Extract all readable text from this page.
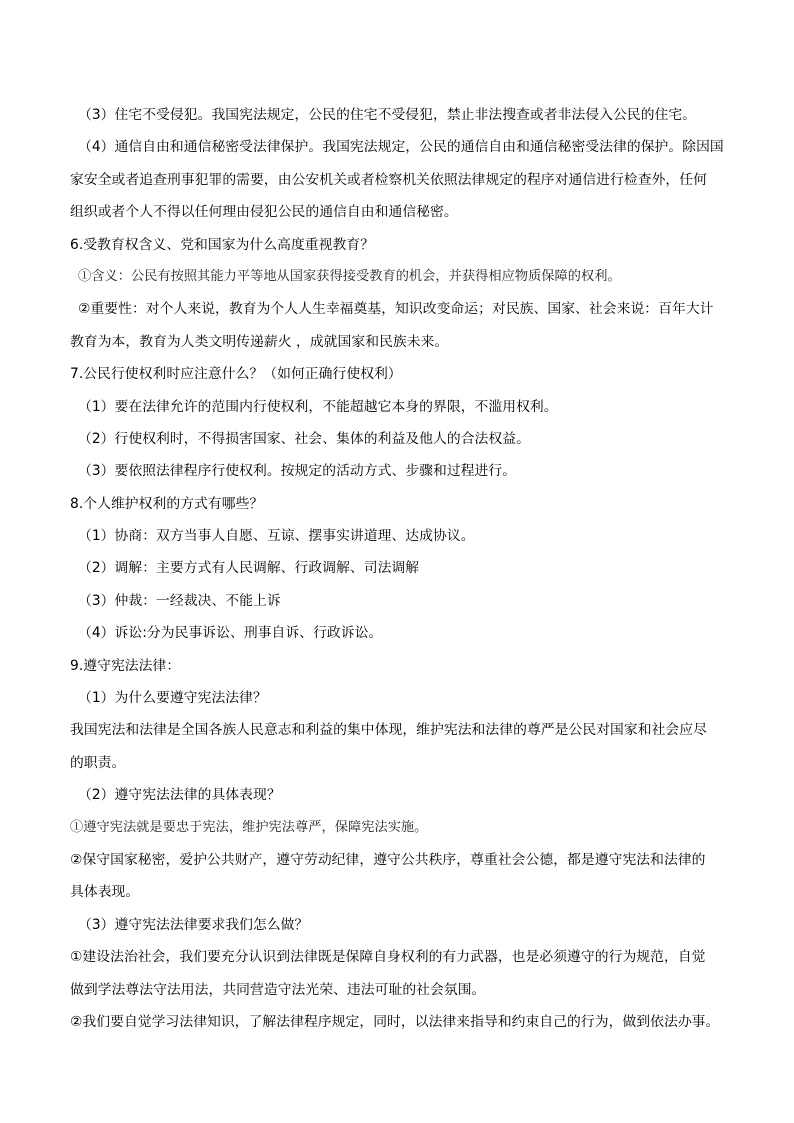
（3）住宅不受侵犯。我国宪法规定，公民的住宅不受侵犯，禁止非法搜查或者非法侵入公民的住宅。
（4）通信自由和通信秘密受法律保护。我国宪法规定，公民的通信自由和通信秘密受法律的保护。除因国
家安全或者追查刑事犯罪的需要，由公安机关或者检察机关依照法律规定的程序对通信进行检查外，任何
组织或者个人不得以任何理由侵犯公民的通信自由和通信秘密。
6.受教育权含义、党和国家为什么高度重视教育？
①含义：公民有按照其能力平等地从国家获得接受教育的机会，并获得相应物质保障的权利。
②重要性：对个人来说，教育为个人人生幸福奠基，知识改变命运；对民族、国家、社会来说：百年大计
教育为本，教育为人类文明传递薪火 ，成就国家和民族未来。
7.公民行使权利时应注意什么？（如何正确行使权利）
（1）要在法律允许的范围内行使权利，不能超越它本身的界限，不滥用权利。
（2）行使权利时，不得损害国家、社会、集体的利益及他人的合法权益。
（3）要依照法律程序行使权利。按规定的活动方式、步骤和过程进行。
8.个人维护权利的方式有哪些？
（1）协商：双方当事人自愿、互谅、摆事实讲道理、达成协议。
（2）调解：主要方式有人民调解、行政调解、司法调解
（3）仲裁：一经裁决、不能上诉
（4）诉讼:分为民事诉讼、刑事自诉、行政诉讼。
9.遵守宪法法律：
（1）为什么要遵守宪法法律？
我国宪法和法律是全国各族人民意志和利益的集中体现，维护宪法和法律的尊严是公民对国家和社会应尽
的职责。
（2）遵守宪法法律的具体表现？
①遵守宪法就是要忠于宪法，维护宪法尊严，保障宪法实施。
②保守国家秘密，爱护公共财产，遵守劳动纪律，遵守公共秩序，尊重社会公德，都是遵守宪法和法律的
具体表现。
（3）遵守宪法法律要求我们怎么做？
①建设法治社会，我们要充分认识到法律既是保障自身权利的有力武器，也是必须遵守的行为规范，自觉
做到学法尊法守法用法，共同营造守法光荣、违法可耻的社会氛围。
②我们要自觉学习法律知识，了解法律程序规定，同时，以法律来指导和约束自己的行为，做到依法办事。
